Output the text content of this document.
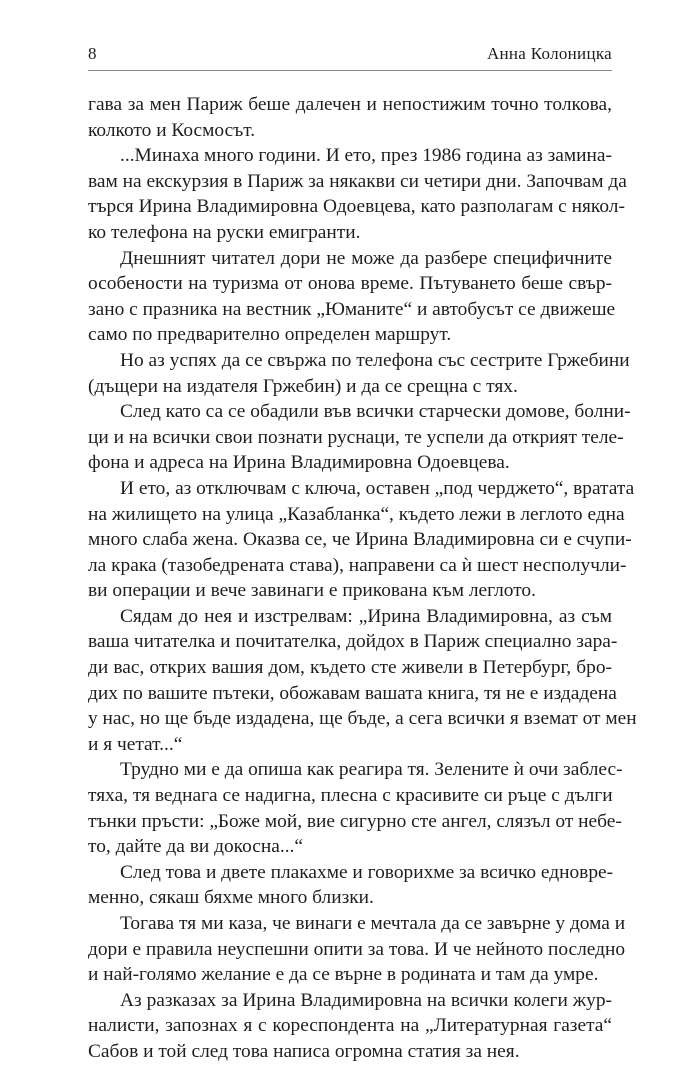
8	Анна Колоницка
гава за мен Париж беше далечен и непостижим точно толкова,
колкото и Космосът.
...Минаха много години. И ето, през 1986 година аз замина-
вам на екскурзия в Париж за някакви си четири дни. Започвам да
търся Ирина Владимировна Одоевцева, като разполагам с някол-
ко телефона на руски емигранти.
Днешният читател дори не може да разбере специфичните
особености на туризма от онова време. Пътуването беше свър-
зано с празника на вестник „Юманите“ и автобусът се движеше
само по предварително определен маршрут.
Но аз успях да се свържа по телефона със сестрите Гржебини
(дъщери на издателя Гржебин) и да се срещна с тях.
След като са се обадили във всички старчески домове, болни-
ци и на всички свои познати руснаци, те успели да открият теле-
фона и адреса на Ирина Владимировна Одоевцева.
И ето, аз отключвам с ключа, оставен „под черджето“, вратата
на жилището на улица „Казабланка“, където лежи в леглото една
много слаба жена. Оказва се, че Ирина Владимировна си е счупи-
ла крака (тазобедрената става), направени са ѝ шест несполучли-
ви операции и вече завинаги е прикована към леглото.
Сядам до нея и изстрелвам: „Ирина Владимировна, аз съм
ваша читателка и почитателка, дойдох в Париж специално зара-
ди вас, открих вашия дом, където сте живели в Петербург, бро-
дих по вашите пътеки, обожавам вашата книга, тя не е издадена
у нас, но ще бъде издадена, ще бъде, а сега всички я вземат от мен
и я четат...“
Трудно ми е да опиша как реагира тя. Зелените ѝ очи заблес-
тяха, тя веднага се надигна, плесна с красивите си ръце с дълги
тънки пръсти: „Боже мой, вие сигурно сте ангел, слязъл от небе-
то, дайте да ви докосна...“
След това и двете плакахме и говорихме за всичко едновре-
менно, сякаш бяхме много близки.
Тогава тя ми каза, че винаги е мечтала да се завърне у дома и
дори е правила неуспешни опити за това. И че нейното последно
и най-голямо желание е да се върне в родината и там да умре.
Аз разказах за Ирина Владимировна на всички колеги жур-
налисти, запознах я с кореспондента на „Литературная газета“
Сабов и той след това написа огромна статия за нея.
